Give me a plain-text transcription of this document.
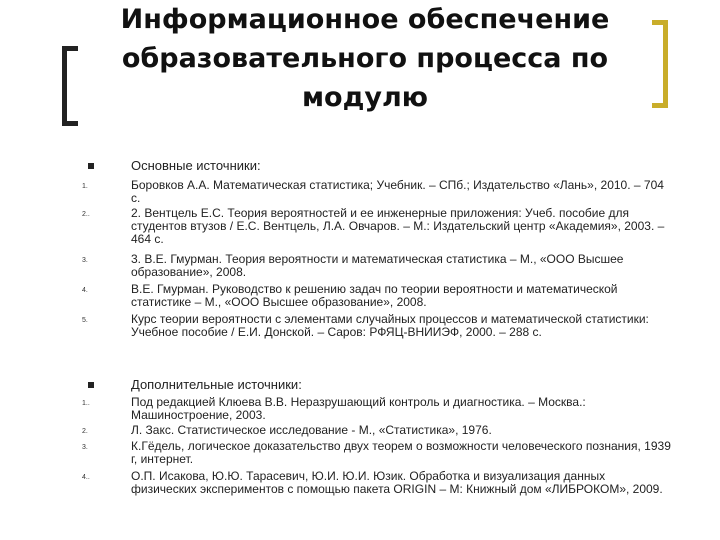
Информационное обеспечение
образовательного процесса по
модулю
Основные источники:
1.	Боровков А.А. Математическая статистика; Учебник. – СПб.; Издательство «Лань», 2010. – 704 с.
2..	2. Вентцель Е.С. Теория вероятностей и ее инженерные приложения: Учеб. пособие для студентов втузов / Е.С. Вентцель, Л.А. Овчаров. – М.: Издательский центр «Академия», 2003. – 464 с.
3.	3. В.Е. Гмурман. Теория вероятности и математическая статистика – М., «ООО Высшее образование», 2008.
4.	В.Е. Гмурман. Руководство к решению задач по теории вероятности и математической статистике – М., «ООО Высшее образование», 2008.
5.	Курс теории вероятности с элементами случайных процессов и математической статистики: Учебное пособие / Е.И. Донской. – Саров: РФЯЦ-ВНИИЭФ, 2000. – 288 с.
Дополнительные источники:
1..	Под редакцией Клюева В.В. Неразрушающий контроль и диагностика. – Москва.: Машиностроение, 2003.
2.	Л. Закс. Статистическое исследование - М., «Статистика», 1976.
3.	К.Гёдель, логическое доказательство двух теорем о возможности человеческого познания, 1939 г, интернет.
4..	О.П. Исакова, Ю.Ю. Тарасевич, Ю.И. Ю.И. Юзик. Обработка и визуализация данных физических экспериментов с помощью пакета ORIGIN – М: Книжный дом «ЛИБРОКОМ», 2009.
